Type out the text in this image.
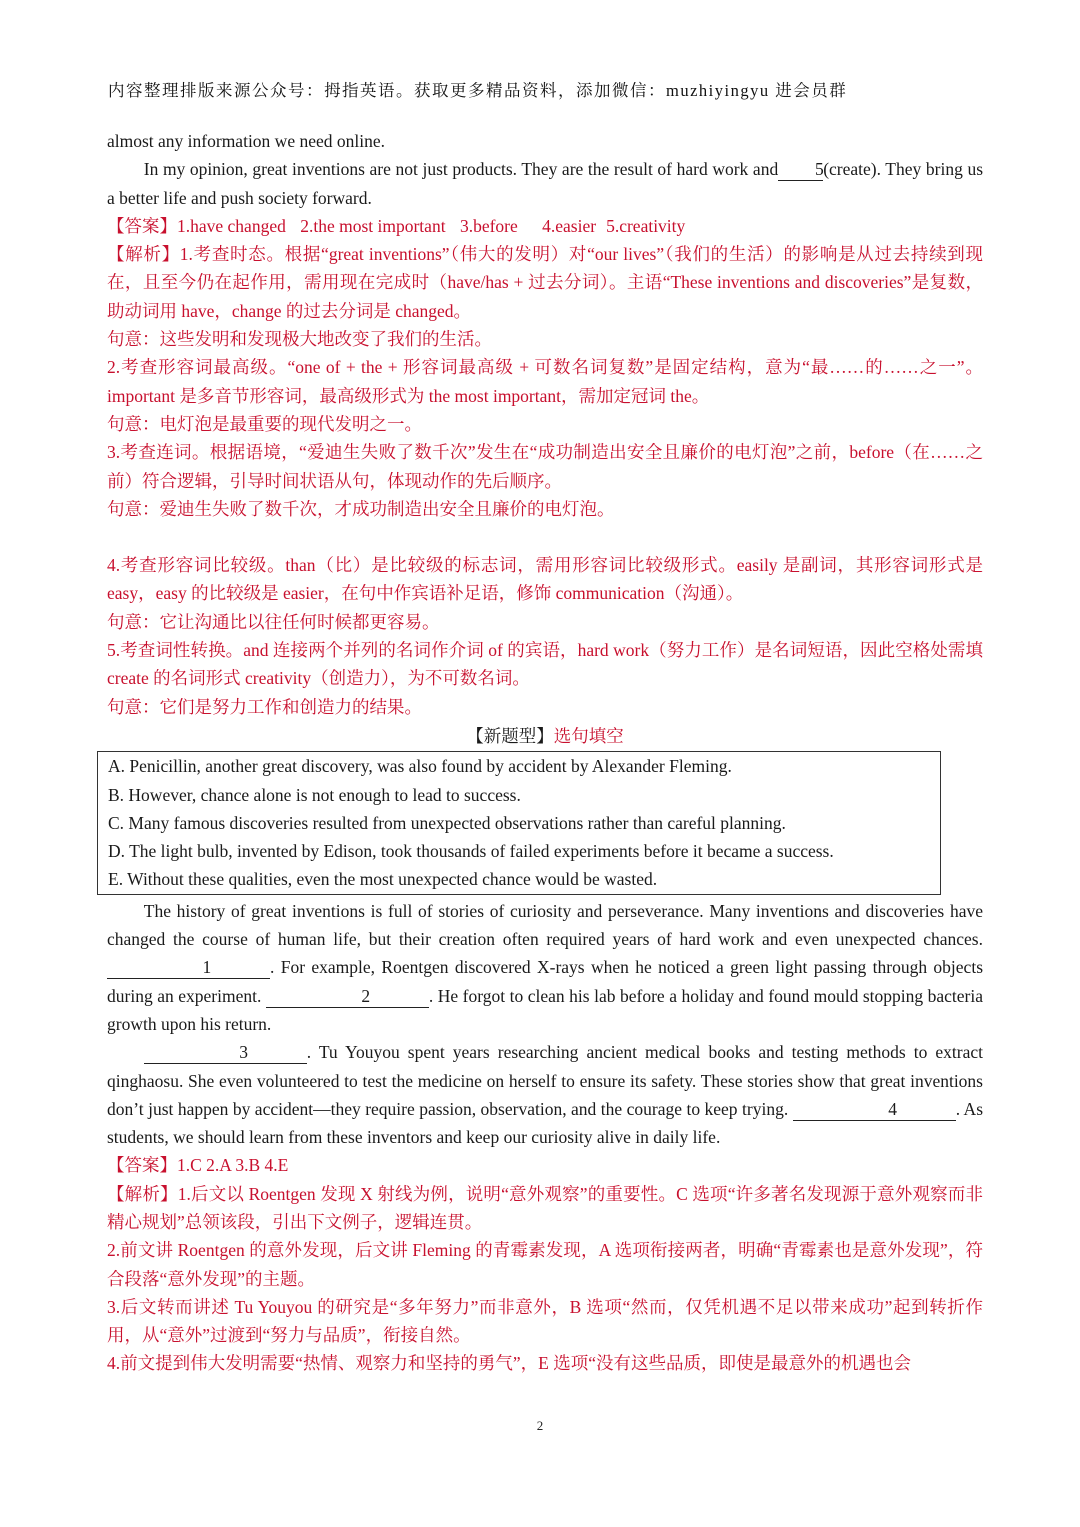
内容整理排版来源公众号：拇指英语。获取更多精品资料，添加微信：muzhiyingyu 进会员群

almost any information we need online.

In my opinion, great inventions are not just products. They are the result of hard work and 5(create). They bring us a better life and push society forward.

【答案】1.have changed 2.the most important 3.before 4.easier 5.creativity

【解析】1.考查时态。根据“great inventions”（伟大的发明）对“our lives”（我们的生活）的影响是从过去持续到现在，且至今仍在起作用，需用现在完成时（have/has + 过去分词）。主语“These inventions and discoveries”是复数，助动词用 have，change 的过去分词是 changed。

句意：这些发明和发现极大地改变了我们的生活。

2.考查形容词最高级。“one of + the + 形容词最高级 + 可数名词复数”是固定结构，意为“最……的……之一”。important 是多音节形容词，最高级形式为 the most important，需加定冠词 the。

句意：电灯泡是最重要的现代发明之一。

3.考查连词。根据语境，“爱迪生失败了数千次”发生在“成功制造出安全且廉价的电灯泡”之前，before（在……之前）符合逻辑，引导时间状语从句，体现动作的先后顺序。

句意：爱迪生失败了数千次，才成功制造出安全且廉价的电灯泡。

4.考查形容词比较级。than（比）是比较级的标志词，需用形容词比较级形式。easily 是副词，其形容词形式是 easy，easy 的比较级是 easier，在句中作宾语补足语，修饰 communication（沟通）。

句意：它让沟通比以往任何时候都更容易。

5.考查词性转换。and 连接两个并列的名词作介词 of 的宾语，hard work（努力工作）是名词短语，因此空格处需填 create 的名词形式 creativity（创造力），为不可数名词。

句意：它们是努力工作和创造力的结果。

【新题型】选句填空

A. Penicillin, another great discovery, was also found by accident by Alexander Fleming.

B. However, chance alone is not enough to lead to success.

C. Many famous discoveries resulted from unexpected observations rather than careful planning.

D. The light bulb, invented by Edison, took thousands of failed experiments before it became a success.

E. Without these qualities, even the most unexpected chance would be wasted.

The history of great inventions is full of stories of curiosity and perseverance. Many inventions and discoveries have changed the course of human life, but their creation often required years of hard work and even unexpected chances. 1	. For example, Roentgen discovered X-rays when he noticed a green light passing through objects during an experiment.	2	. He forgot to clean his lab before a holiday and found mould stopping bacteria growth upon his return.

3	. Tu Youyou spent years researching ancient medical books and testing methods to extract qinghaosu. She even volunteered to test the medicine on herself to ensure its safety. These stories show that great inventions don’t just happen by accident—they require passion, observation, and the courage to keep trying.	4	. As students, we should learn from these inventors and keep our curiosity alive in daily life.

【答案】1.C 2.A 3.B 4.E

【解析】1.后文以 Roentgen 发现 X 射线为例，说明“意外观察”的重要性。C 选项“许多著名发现源于意外观察而非精心规划”总领该段，引出下文例子，逻辑连贯。

2.前文讲 Roentgen 的意外发现，后文讲 Fleming 的青霉素发现，A 选项衔接两者，明确“青霉素也是意外发现”，符合段落“意外发现”的主题。

3.后文转而讲述 Tu Youyou 的研究是“多年努力”而非意外，B 选项“然而，仅凭机遇不足以带来成功”起到转折作用，从“意外”过渡到“努力与品质”，衔接自然。

4.前文提到伟大发明需要“热情、观察力和坚持的勇气”，E 选项“没有这些品质，即使是最意外的机遇也会

2
